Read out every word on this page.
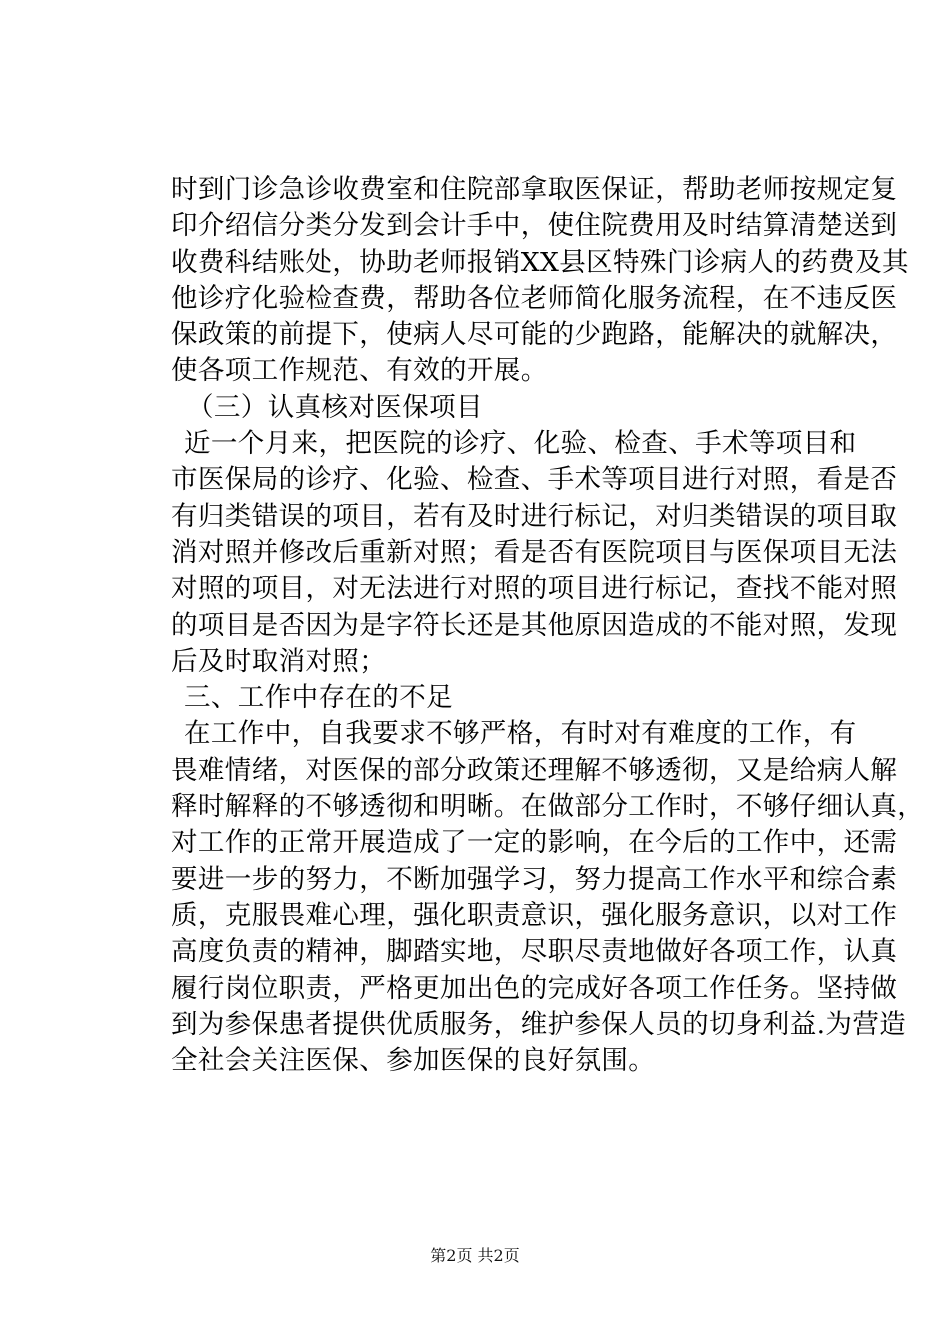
时到门诊急诊收费室和住院部拿取医保证，帮助老师按规定复
印介绍信分类分发到会计手中，使住院费用及时结算清楚送到
收费科结账处，协助老师报销XX县区特殊门诊病人的药费及其
他诊疗化验检查费，帮助各位老师简化服务流程，在不违反医
保政策的前提下，使病人尽可能的少跑路，能解决的就解决，
使各项工作规范、有效的开展。
（三）认真核对医保项目
近一个月来，把医院的诊疗、化验、检查、手术等项目和
市医保局的诊疗、化验、检查、手术等项目进行对照，看是否
有归类错误的项目，若有及时进行标记，对归类错误的项目取
消对照并修改后重新对照；看是否有医院项目与医保项目无法
对照的项目，对无法进行对照的项目进行标记，查找不能对照
的项目是否因为是字符长还是其他原因造成的不能对照，发现
后及时取消对照；
三、工作中存在的不足
在工作中，自我要求不够严格，有时对有难度的工作，有
畏难情绪，对医保的部分政策还理解不够透彻，又是给病人解
释时解释的不够透彻和明晰。在做部分工作时，不够仔细认真，
对工作的正常开展造成了一定的影响，在今后的工作中，还需
要进一步的努力，不断加强学习，努力提高工作水平和综合素
质，克服畏难心理，强化职责意识，强化服务意识，以对工作
高度负责的精神，脚踏实地，尽职尽责地做好各项工作，认真
履行岗位职责，严格更加出色的完成好各项工作任务。坚持做
到为参保患者提供优质服务，维护参保人员的切身利益.为营造
全社会关注医保、参加医保的良好氛围。
第2页 共2页
